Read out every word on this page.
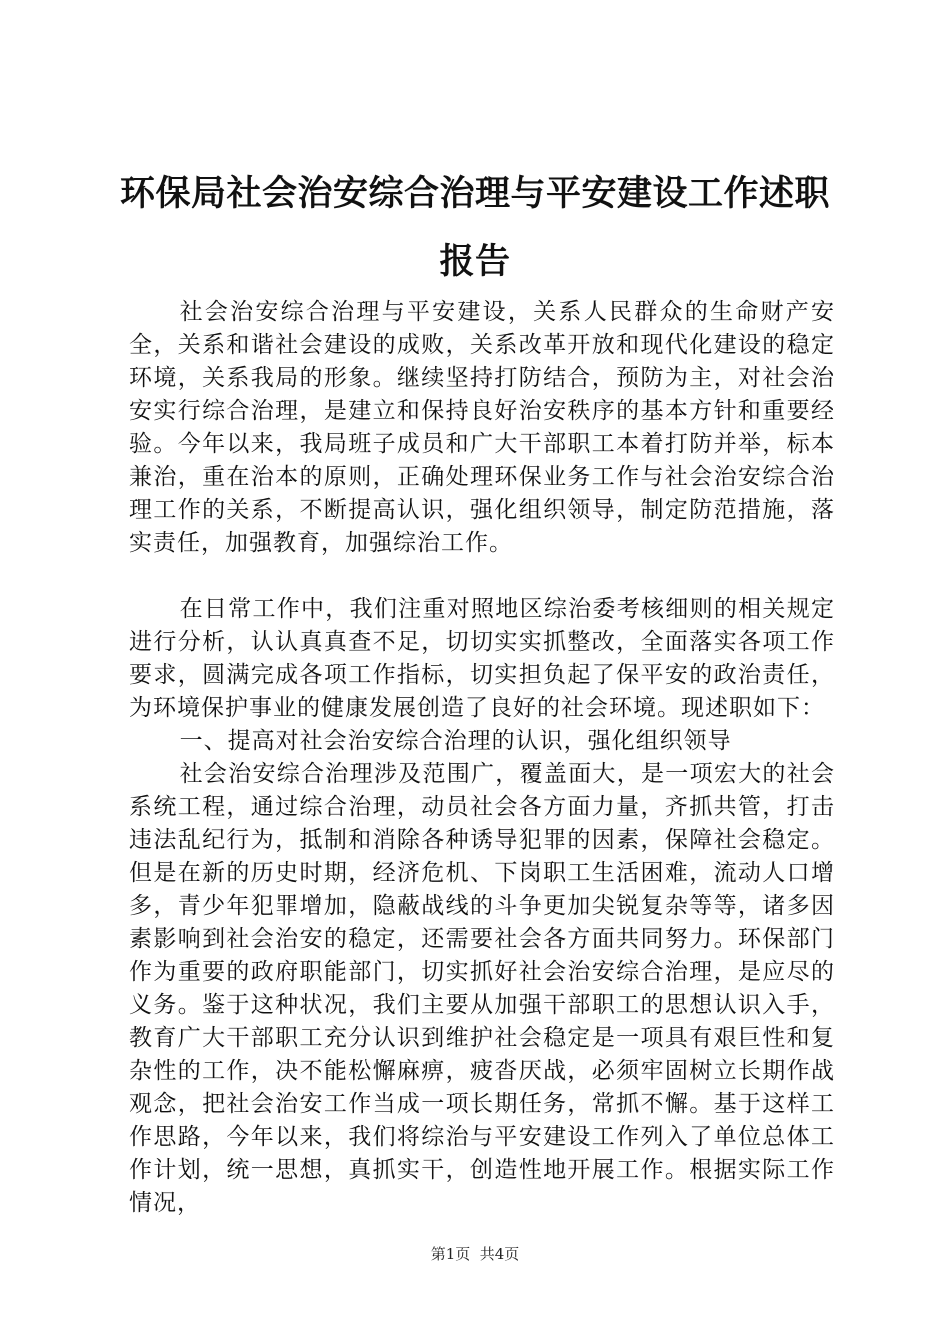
环保局社会治安综合治理与平安建设工作述职
报告

社会治安综合治理与平安建设，关系人民群众的生命财产安全，关系和谐社会建设的成败，关系改革开放和现代化建设的稳定环境，关系我局的形象。继续坚持打防结合，预防为主，对社会治安实行综合治理，是建立和保持良好治安秩序的基本方针和重要经验。今年以来，我局班子成员和广大干部职工本着打防并举，标本兼治，重在治本的原则，正确处理环保业务工作与社会治安综合治理工作的关系，不断提高认识，强化组织领导，制定防范措施，落实责任，加强教育，加强综治工作。

在日常工作中，我们注重对照地区综治委考核细则的相关规定进行分析，认认真真查不足，切切实实抓整改，全面落实各项工作要求，圆满完成各项工作指标，切实担负起了保平安的政治责任，为环境保护事业的健康发展创造了良好的社会环境。现述职如下：

一、提高对社会治安综合治理的认识，强化组织领导

社会治安综合治理涉及范围广，覆盖面大，是一项宏大的社会系统工程，通过综合治理，动员社会各方面力量，齐抓共管，打击违法乱纪行为，抵制和消除各种诱导犯罪的因素，保障社会稳定。但是在新的历史时期，经济危机、下岗职工生活困难，流动人口增多，青少年犯罪增加，隐蔽战线的斗争更加尖锐复杂等等，诸多因素影响到社会治安的稳定，还需要社会各方面共同努力。环保部门作为重要的政府职能部门，切实抓好社会治安综合治理，是应尽的义务。鉴于这种状况，我们主要从加强干部职工的思想认识入手，教育广大干部职工充分认识到维护社会稳定是一项具有艰巨性和复杂性的工作，决不能松懈麻痹，疲沓厌战，必须牢固树立长期作战观念，把社会治安工作当成一项长期任务，常抓不懈。基于这样工作思路，今年以来，我们将综治与平安建设工作列入了单位总体工作计划，统一思想，真抓实干，创造性地开展工作。根据实际工作情况，

第1页  共4页
